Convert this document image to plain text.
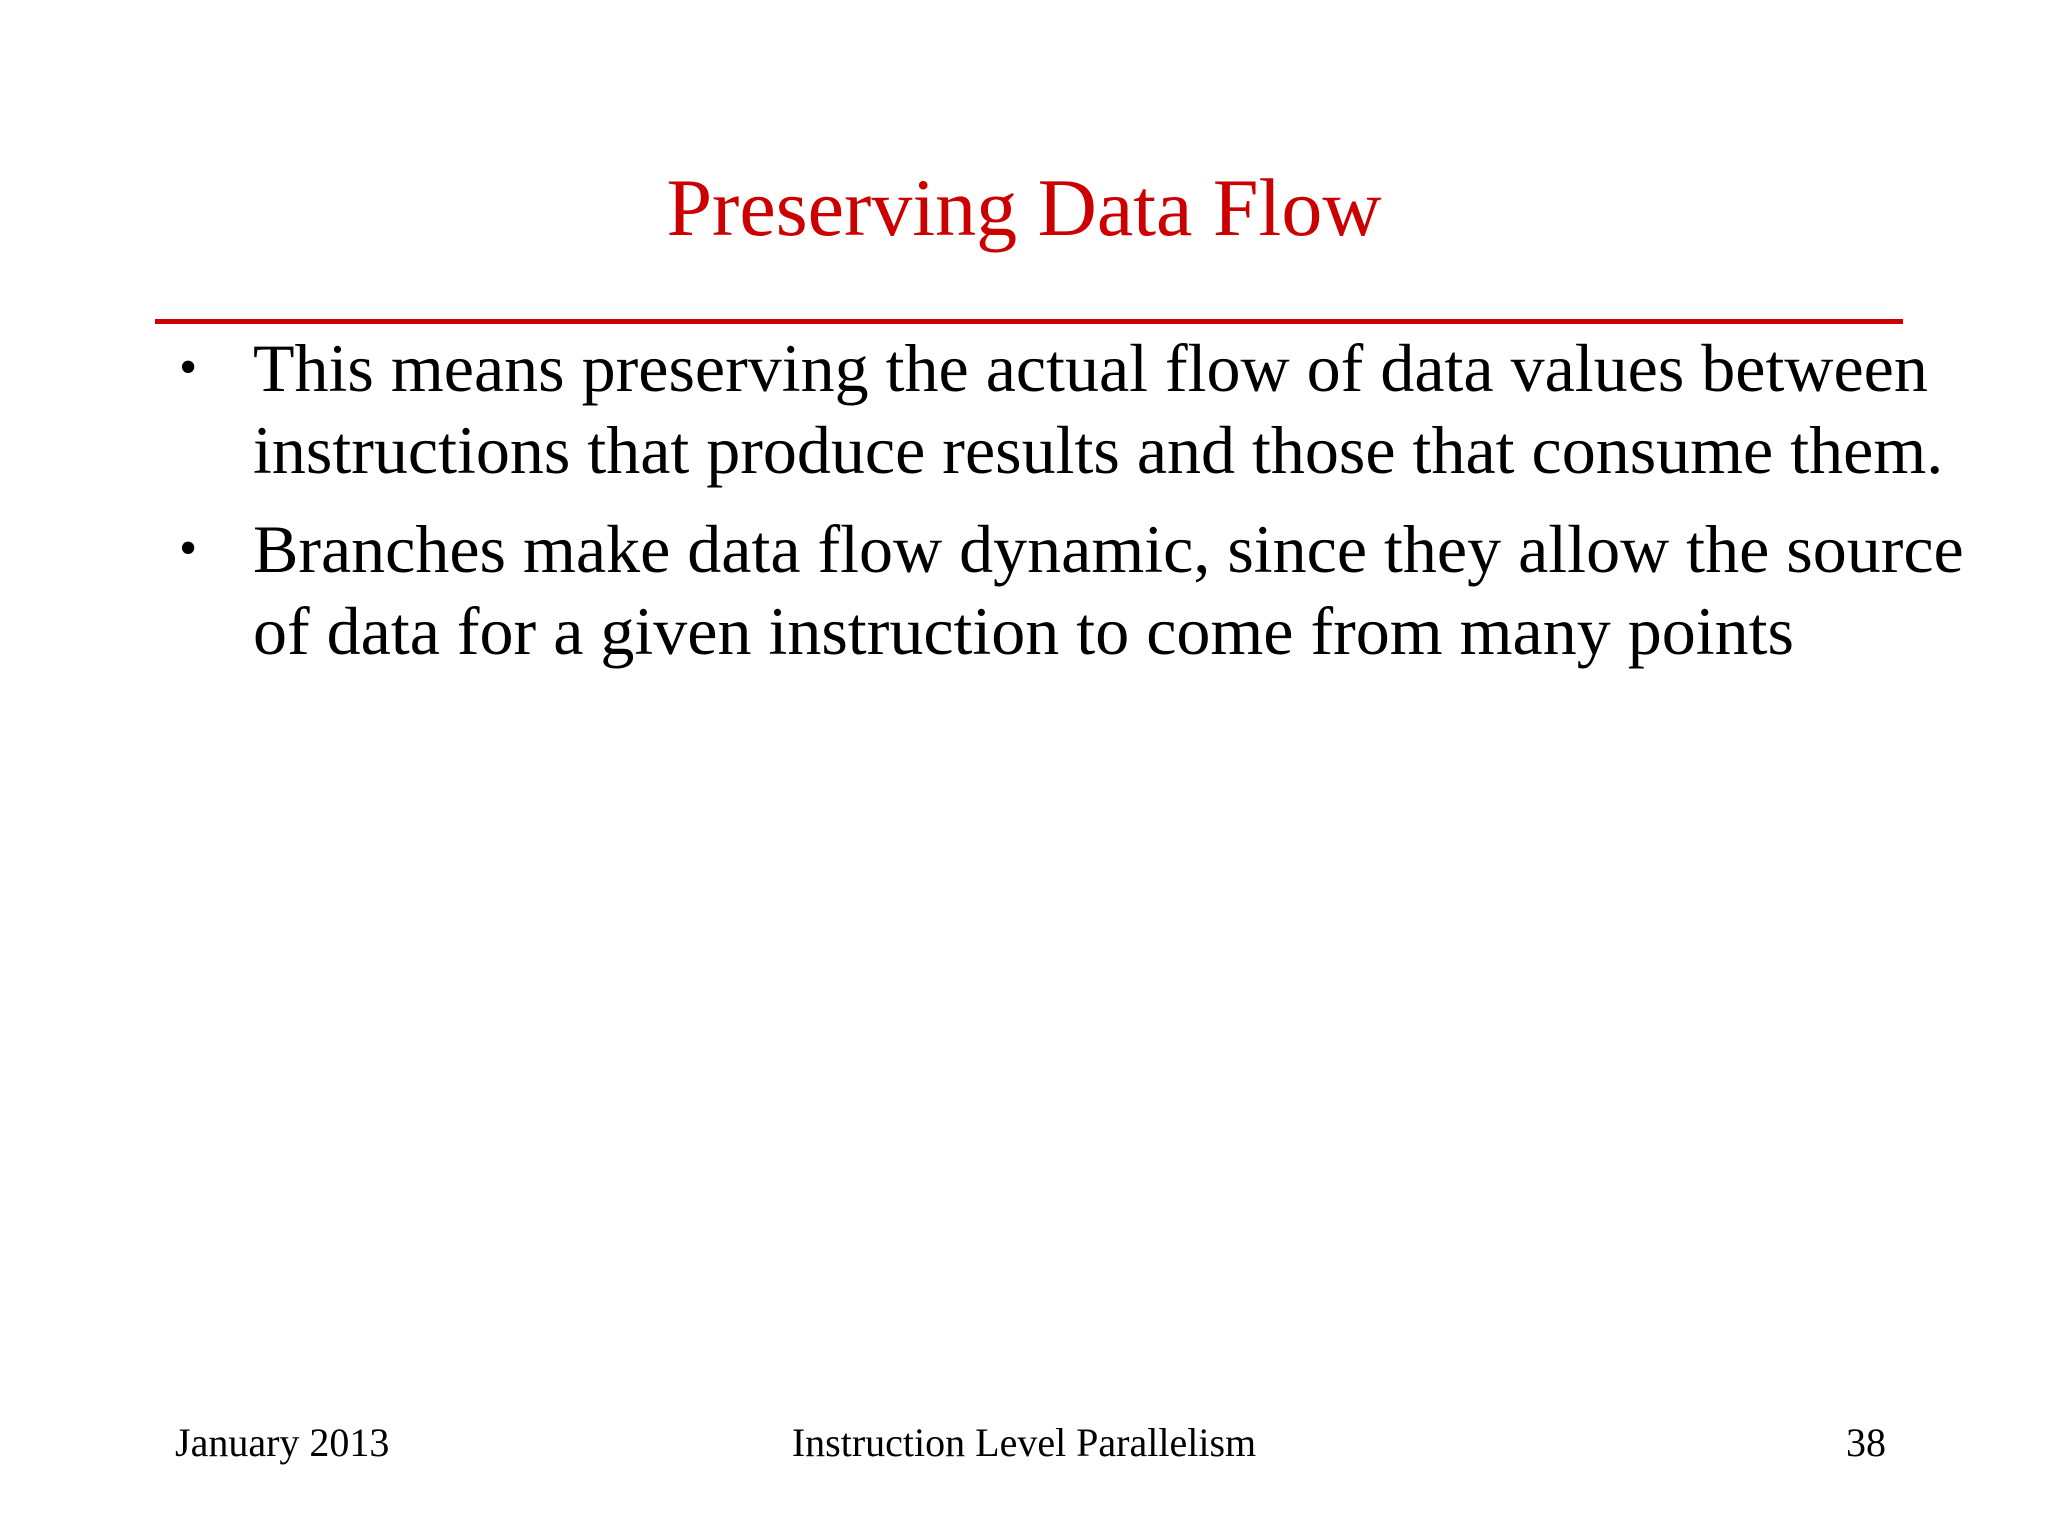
Preserving Data Flow
• This means preserving the actual flow of data values between instructions that produce results and those that consume them.
• Branches make data flow dynamic, since they allow the source of data for a given instruction to come from many points
January 2013	Instruction Level Parallelism	38
